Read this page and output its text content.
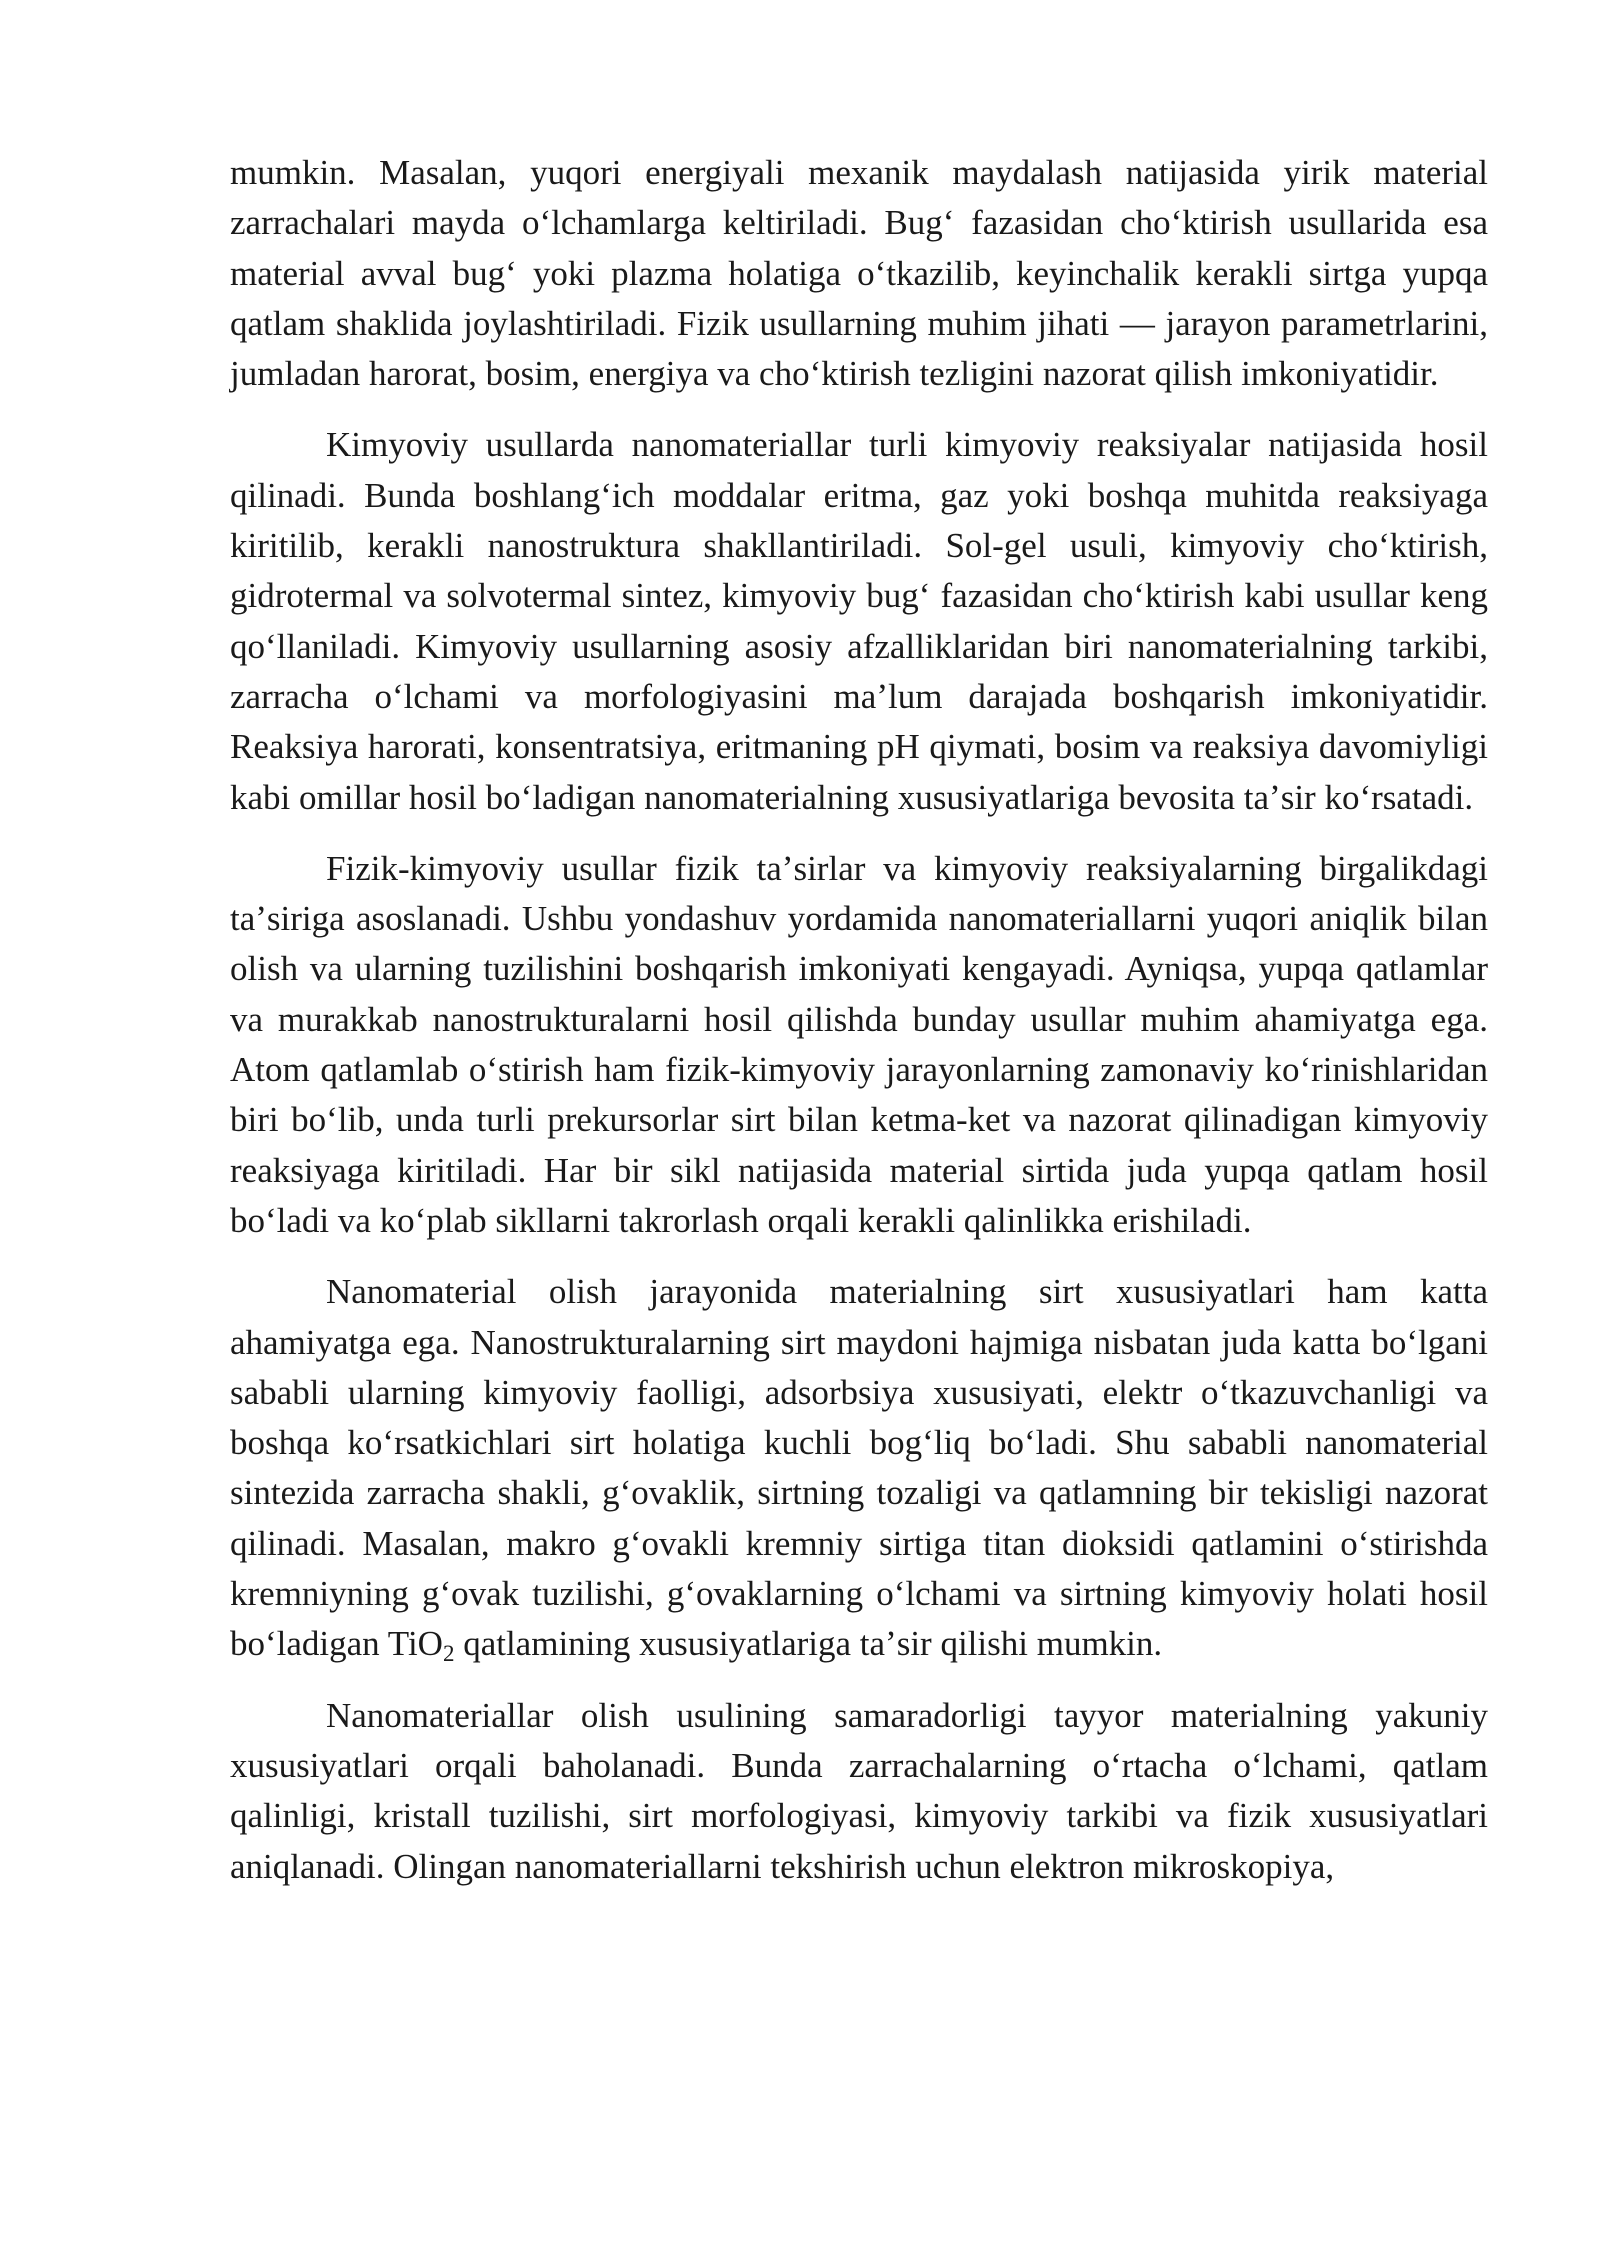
mumkin. Masalan, yuqori energiyali mexanik maydalash natijasida yirik material zarrachalari mayda oʻlchamlarga keltiriladi. Bugʻ fazasidan choʻktirish usullarida esa material avval bugʻ yoki plazma holatiga oʻtkazilib, keyinchalik kerakli sirtga yupqa qatlam shaklida joylashtiriladi. Fizik usullarning muhim jihati — jarayon parametrlarini, jumladan harorat, bosim, energiya va choʻktirish tezligini nazorat qilish imkoniyatidir.

Kimyoviy usullarda nanomateriallar turli kimyoviy reaksiyalar natijasida hosil qilinadi. Bunda boshlangʻich moddalar eritma, gaz yoki boshqa muhitda reaksiyaga kiritilib, kerakli nanostruktura shakllantiriladi. Sol-gel usuli, kimyoviy choʻktirish, gidrotermal va solvotermal sintez, kimyoviy bugʻ fazasidan choʻktirish kabi usullar keng qoʻllaniladi. Kimyoviy usullarning asosiy afzalliklaridan biri nanomaterialning tarkibi, zarracha oʻlchami va morfologiyasini maʼlum darajada boshqarish imkoniyatidir. Reaksiya harorati, konsentratsiya, eritmaning pH qiymati, bosim va reaksiya davomiyligi kabi omillar hosil boʻladigan nanomaterialning xususiyatlariga bevosita taʼsir koʻrsatadi.

Fizik-kimyoviy usullar fizik taʼsirlar va kimyoviy reaksiyalarning birgalikdagi taʼsiriga asoslanadi. Ushbu yondashuv yordamida nanomateriallarni yuqori aniqlik bilan olish va ularning tuzilishini boshqarish imkoniyati kengayadi. Ayniqsa, yupqa qatlamlar va murakkab nanostrukturalarni hosil qilishda bunday usullar muhim ahamiyatga ega. Atom qatlamlab oʻstirish ham fizik-kimyoviy jarayonlarning zamonaviy koʻrinishlaridan biri boʻlib, unda turli prekursorlar sirt bilan ketma-ket va nazorat qilinadigan kimyoviy reaksiyaga kiritiladi. Har bir sikl natijasida material sirtida juda yupqa qatlam hosil boʻladi va koʻplab sikllarni takrorlash orqali kerakli qalinlikka erishiladi.

Nanomaterial olish jarayonida materialning sirt xususiyatlari ham katta ahamiyatga ega. Nanostrukturalarning sirt maydoni hajmiga nisbatan juda katta boʻlgani sababli ularning kimyoviy faolligi, adsorbsiya xususiyati, elektr oʻtkazuvchanligi va boshqa koʻrsatkichlari sirt holatiga kuchli bogʻliq boʻladi. Shu sababli nanomaterial sintezida zarracha shakli, gʻovaklik, sirtning tozaligi va qatlamning bir tekisligi nazorat qilinadi. Masalan, makro gʻovakli kremniy sirtiga titan dioksidi qatlamini oʻstirishda kremniyning gʻovak tuzilishi, gʻovaklarning oʻlchami va sirtning kimyoviy holati hosil boʻladigan TiO$_2$ qatlamining xususiyatlariga taʼsir qilishi mumkin.

Nanomateriallar olish usulining samaradorligi tayyor materialning yakuniy xususiyatlari orqali baholanadi. Bunda zarrachalarning oʻrtacha oʻlchami, qatlam qalinligi, kristall tuzilishi, sirt morfologiyasi, kimyoviy tarkibi va fizik xususiyatlari aniqlanadi. Olingan nanomateriallarni tekshirish uchun elektron mikroskopiya,
